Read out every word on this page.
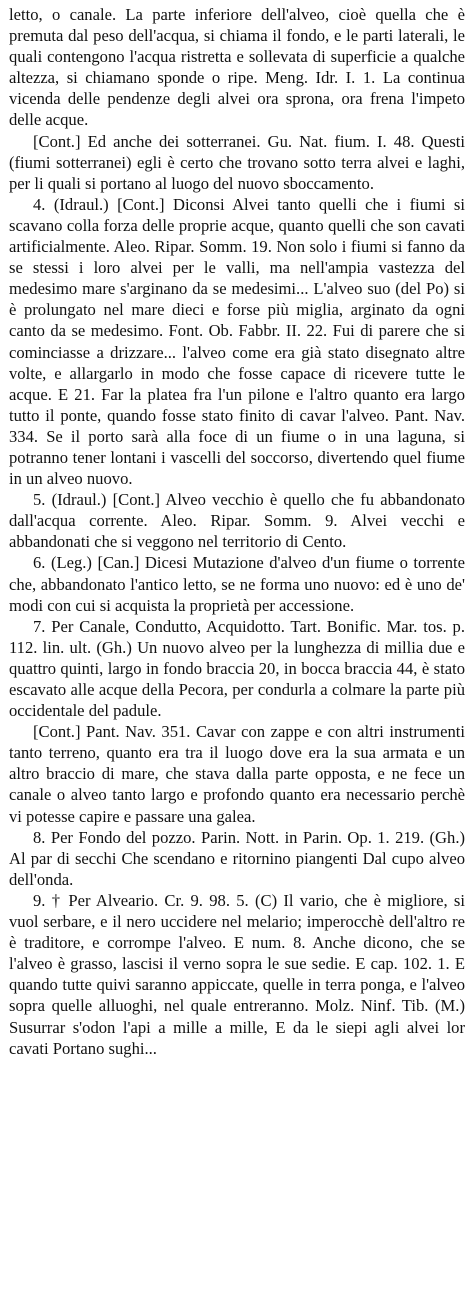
letto, o canale. La parte inferiore dell'alveo, cioè quella che è premuta dal peso dell'acqua, si chiama il fondo, e le parti laterali, le quali contengono l'acqua ristretta e sollevata di superficie a qualche altezza, si chiamano sponde o ripe. Meng. Idr. I. 1. La continua vicenda delle pendenze degli alvei ora sprona, ora frena l'impeto delle acque.

[Cont.] Ed anche dei sotterranei. Gu. Nat. fium. I. 48. Questi (fiumi sotterranei) egli è certo che trovano sotto terra alvei e laghi, per li quali si portano al luogo del nuovo sboccamento.

4. (Idraul.) [Cont.] Diconsi Alvei tanto quelli che i fiumi si scavano colla forza delle proprie acque, quanto quelli che son cavati artificialmente. Aleo. Ripar. Somm. 19. Non solo i fiumi si fanno da se stessi i loro alvei per le valli, ma nell'ampia vastezza del medesimo mare s'arginano da se medesimi... L'alveo suo (del Po) si è prolungato nel mare dieci e forse più miglia, arginato da ogni canto da se medesimo. Font. Ob. Fabbr. II. 22. Fui di parere che si cominciasse a drizzare... l'alveo come era già stato disegnato altre volte, e allargarlo in modo che fosse capace di ricevere tutte le acque. E 21. Far la platea fra l'un pilone e l'altro quanto era largo tutto il ponte, quando fosse stato finito di cavar l'alveo. Pant. Nav. 334. Se il porto sarà alla foce di un fiume o in una laguna, si potranno tener lontani i vascelli del soccorso, divertendo quel fiume in un alveo nuovo.

5. (Idraul.) [Cont.] Alveo vecchio è quello che fu abbandonato dall'acqua corrente. Aleo. Ripar. Somm. 9. Alvei vecchi e abbandonati che si veggono nel territorio di Cento.

6. (Leg.) [Can.] Dicesi Mutazione d'alveo d'un fiume o torrente che, abbandonato l'antico letto, se ne forma uno nuovo: ed è uno de' modi con cui si acquista la proprietà per accessione.

7. Per Canale, Condutto, Acquidotto. Tart. Bonific. Mar. tos. p. 112. lin. ult. (Gh.) Un nuovo alveo per la lunghezza di millia due e quattro quinti, largo in fondo braccia 20, in bocca braccia 44, è stato escavato alle acque della Pecora, per condurla a colmare la parte più occidentale del padule.

[Cont.] Pant. Nav. 351. Cavar con zappe e con altri instrumenti tanto terreno, quanto era tra il luogo dove era la sua armata e un altro braccio di mare, che stava dalla parte opposta, e ne fece un canale o alveo tanto largo e profondo quanto era necessario perchè vi potesse capire e passare una galea.

8. Per Fondo del pozzo. Parin. Nott. in Parin. Op. 1. 219. (Gh.) Al par di secchi Che scendano e ritornino piangenti Dal cupo alveo dell'onda.

9. † Per Alveario. Cr. 9. 98. 5. (C) Il vario, che è migliore, si vuol serbare, e il nero uccidere nel melario; imperocchè dell'altro re è traditore, e corrompe l'alveo. E num. 8. Anche dicono, che se l'alveo è grasso, lascisi il verno sopra le sue sedie. E cap. 102. 1. E quando tutte quivi saranno appiccate, quelle in terra ponga, e l'alveo sopra quelle alluoghi, nel quale entreranno. Molz. Ninf. Tib. (M.) Susurrar s'odon l'api a mille a mille, E da le siepi agli alvei lor cavati Portano sughi...
